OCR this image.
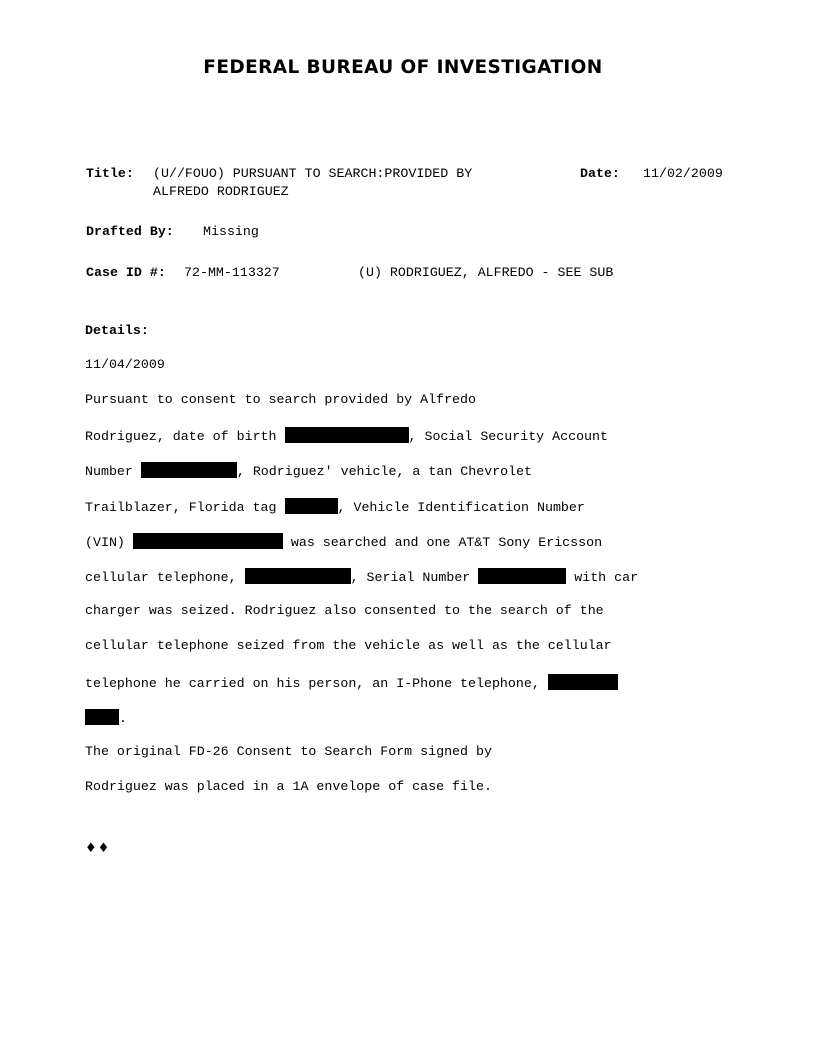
FEDERAL BUREAU OF INVESTIGATION
Title: (U//FOUO) PURSUANT TO SEARCH:PROVIDED BY
ALFREDO RODRIGUEZ
Date: 11/02/2009
Drafted By: Missing
Case ID #: 72-MM-113327	(U) RODRIGUEZ, ALFREDO - SEE SUB
Details:
11/04/2009
Pursuant to consent to search provided by Alfredo
Rodriguez, date of birth	, Social Security Account
Number	, Rodriguez' vehicle, a tan Chevrolet
Trailblazer, Florida tag	, Vehicle Identification Number
(VIN)	was searched and one AT&T Sony Ericsson
cellular telephone,	, Serial Number	with car
charger was seized. Rodriguez also consented to the search of the
cellular telephone seized from the vehicle as well as the cellular
telephone he carried on his person, an I-Phone telephone,
.
The original FD-26 Consent to Search Form signed by
Rodriguez was placed in a 1A envelope of case file.
♦♦
